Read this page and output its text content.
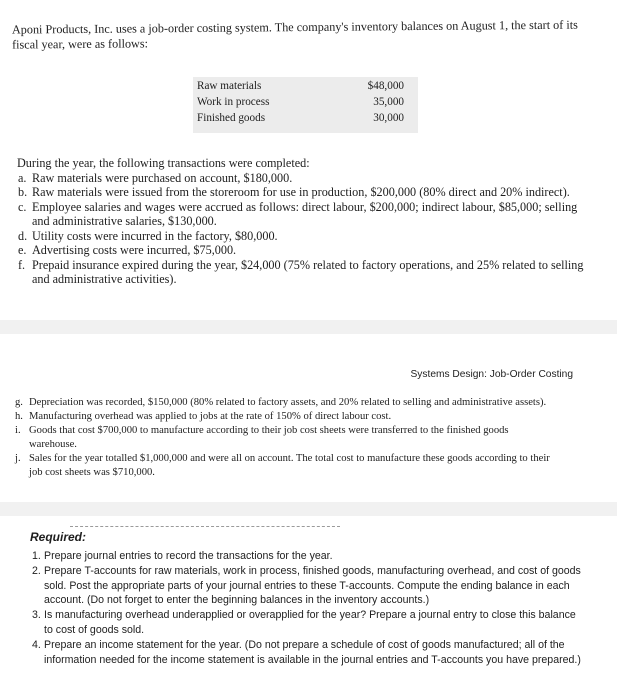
Aponi Products, Inc. uses a job-order costing system. The company's inventory balances on August 1, the start of its fiscal year, were as follows:
Raw materials	$48,000
Work in process	35,000
Finished goods	30,000
During the year, the following transactions were completed:
a. Raw materials were purchased on account, $180,000.
b. Raw materials were issued from the storeroom for use in production, $200,000 (80% direct and 20% indirect).
c. Employee salaries and wages were accrued as follows: direct labour, $200,000; indirect labour, $85,000; selling and administrative salaries, $130,000.
d. Utility costs were incurred in the factory, $80,000.
e. Advertising costs were incurred, $75,000.
f. Prepaid insurance expired during the year, $24,000 (75% related to factory operations, and 25% related to selling and administrative activities).
Systems Design: Job-Order Costing
g. Depreciation was recorded, $150,000 (80% related to factory assets, and 20% related to selling and administrative assets).
h. Manufacturing overhead was applied to jobs at the rate of 150% of direct labour cost.
i. Goods that cost $700,000 to manufacture according to their job cost sheets were transferred to the finished goods warehouse.
j. Sales for the year totalled $1,000,000 and were all on account. The total cost to manufacture these goods according to their job cost sheets was $710,000.
Required:
1. Prepare journal entries to record the transactions for the year.
2. Prepare T-accounts for raw materials, work in process, finished goods, manufacturing overhead, and cost of goods sold. Post the appropriate parts of your journal entries to these T-accounts. Compute the ending balance in each account. (Do not forget to enter the beginning balances in the inventory accounts.)
3. Is manufacturing overhead underapplied or overapplied for the year? Prepare a journal entry to close this balance to cost of goods sold.
4. Prepare an income statement for the year. (Do not prepare a schedule of cost of goods manufactured; all of the information needed for the income statement is available in the journal entries and T-accounts you have prepared.)
